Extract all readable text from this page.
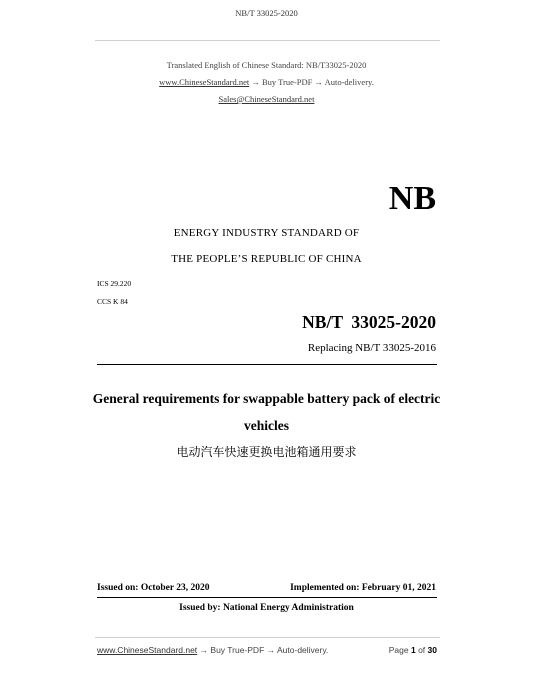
NB/T 33025-2020
Translated English of Chinese Standard: NB/T33025-2020
www.ChineseStandard.net → Buy True-PDF → Auto-delivery.
Sales@ChineseStandard.net
NB
ENERGY INDUSTRY STANDARD OF
THE PEOPLE’S REPUBLIC OF CHINA
ICS 29.220
CCS K 84
NB/T  33025-2020
Replacing NB/T 33025-2016
General requirements for swappable battery pack of electric
vehicles
电动汽车快速更换电池箱通用要求
Issued on: October 23, 2020	Implemented on: February 01, 2021
Issued by: National Energy Administration
www.ChineseStandard.net → Buy True-PDF → Auto-delivery.	Page 1 of 30
